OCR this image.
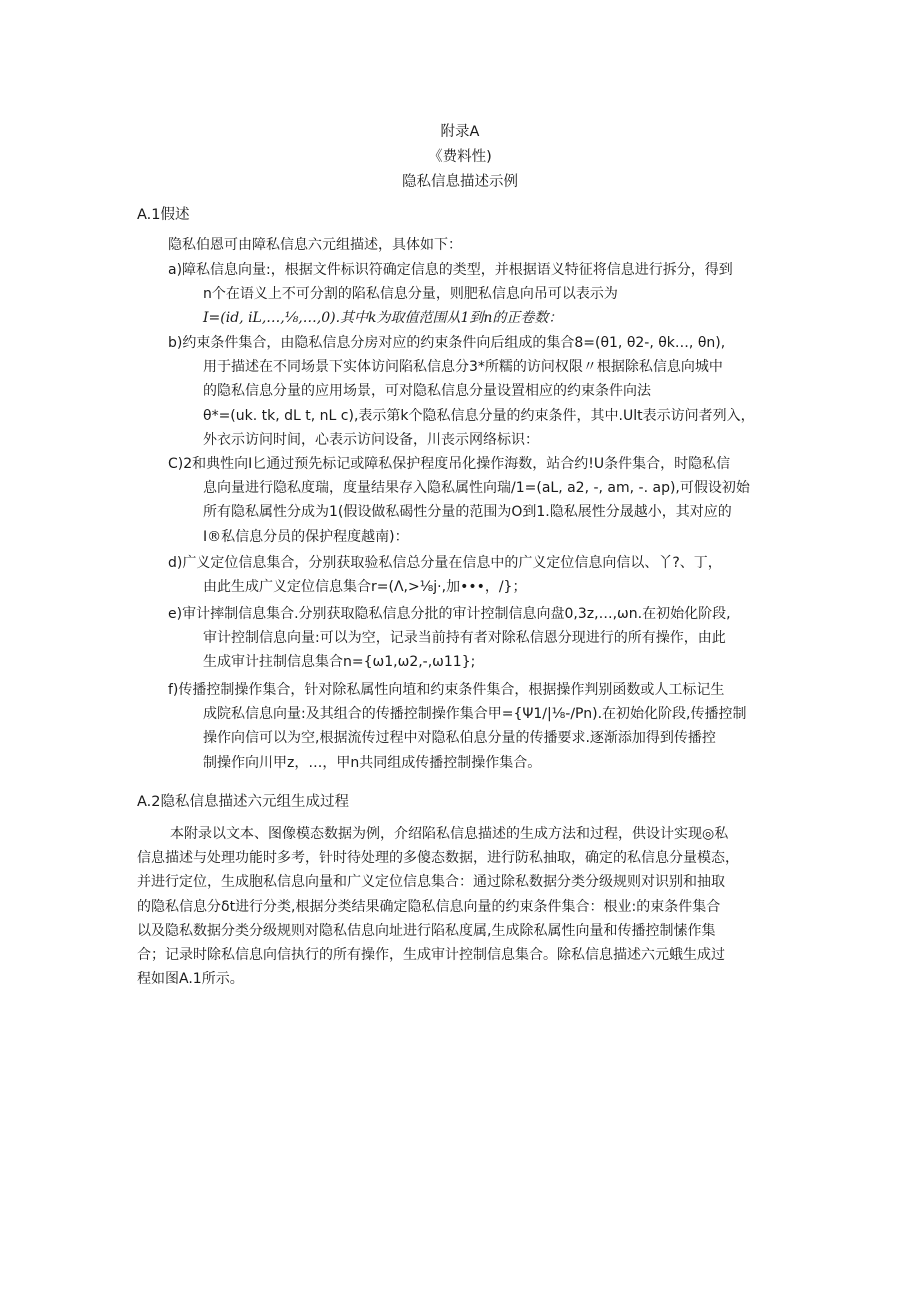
附录A
《费料性)
隐私信息描述示例
A.1假述
隐私伯恩可由障私信息六元组描述，具体如下：
a)障私信息向量:，根据文件标识符确定信息的类型，并根据语义特征将信息进行拆分，得到
n个在语义上不可分割的陷私信息分量，则肥私信息向吊可以表示为
I=(id, iL,…,⅛,…,0).其中k为取值范围从1到n的正卷数：
b)约束条件集合，由隐私信息分房对应的约束条件向后组成的集合8=(θ1, θ2-, θk…, θn),
用于描述在不同场景下实体访问陷私信息分3*所糯的访问权限〃根据除私信息向城中
的隐私信息分量的应用场景，可对隐私信息分量设置相应的约束条件向法
θ*=(uk. tk, dL t, nL c),表示第k个隐私信息分量的约束条件，其中.Ult表示访问者列入，
外衣示访问时间，心表示访问设备，川丧示网络标识：
C)2和典性向I匕通过预先标记或障私保护程度吊化操作海数，站合约!U条件集合，时隐私信
息向量进行隐私度瑞，度量结果存入隐私属性向瑞/1=(aL, a2, -, am, -. ap),可假设初始
所有隐私属性分成为1(假设做私碣性分量的范围为O到1.隐私展性分晟越小，其对应的
I®私信息分员的保护程度越南)：
d)广义定位信息集合，分别获取验私信总分量在信息中的广义定位信息向信以、丫?、丁，
由此生成广义定位信息集合r=(Λ,>⅛j·,加•••，/}；
e)审计摔制信息集合.分别获取隐私信息分批的审计控制信息向盘0,3z,…,ωn.在初始化阶段,
审计控制信息向量:可以为空，记录当前持有者对除私信恩分现进行的所有操作，由此
生成审计拄制信息集合n={ω1,ω2,-,ω11};
f)传播控制操作集合，针对除私属性向埴和约束条件集合，根据操作判别函数或人工标记生
成院私信息向量:及其组合的传播控制操作集合甲={Ψ1∕|⅛-∕Pn).在初始化阶段,传播控制
操作向信可以为空,根据流传过程中对隐私伯息分量的传播要求.逐渐添加得到传播控
制操作向川甲z，…，甲n共同组成传播控制操作集合。
A.2隐私信息描述六元组生成过程
本附录以文本、图像模态数据为例，介绍陷私信息描述的生成方法和过程，供设计实现◎私
信息描述与处理功能时多考，针时待处理的多傻态数据，进行防私抽取，确定的私信息分量模态，
并进行定位，生成胞私信息向量和广义定位信息集合：通过除私数据分类分级规则对识别和抽取
的隐私信息分δt进行分类,根据分类结果确定隐私信息向量的约束条件集合：根业:的束条件集合
以及隐私数据分类分级规则对隐私佶息向址进行陷私度属,生成除私属性向量和传播控制愫作集
合；记录时除私信息向信执行的所有操作，生成审计控制信息集合。除私信息描述六元蛾生成过
程如图A.1所示。
